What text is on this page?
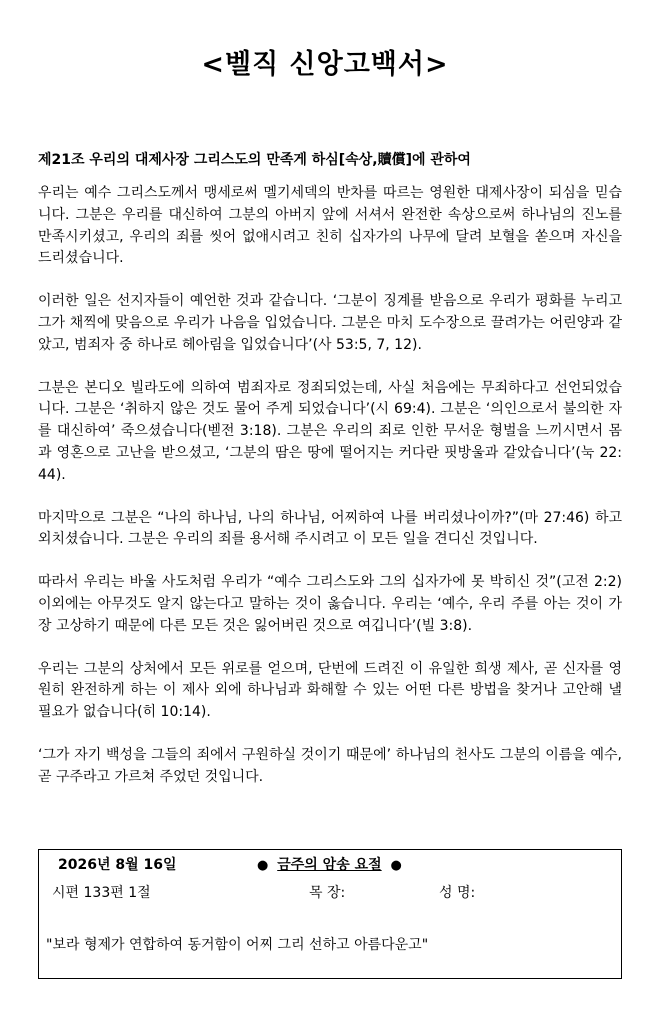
<벨직 신앙고백서>
제21조 우리의 대제사장 그리스도의 만족게 하심[속상,贖償]에 관하여

우리는 예수 그리스도께서 맹세로써 멜기세덱의 반차를 따르는 영원한 대제사장이 되심을 믿습니다. 그분은 우리를 대신하여 그분의 아버지 앞에 서셔서 완전한 속상으로써 하나님의 진노를 만족시키셨고, 우리의 죄를 씻어 없애시려고 친히 십자가의 나무에 달려 보혈을 쏟으며 자신을 드리셨습니다.

이러한 일은 선지자들이 예언한 것과 같습니다. ‘그분이 징계를 받음으로 우리가 평화를 누리고 그가 채찍에 맞음으로 우리가 나음을 입었습니다. 그분은 마치 도수장으로 끌려가는 어린양과 같았고, 범죄자 중 하나로 헤아림을 입었습니다’(사 53:5, 7, 12).

그분은 본디오 빌라도에 의하여 범죄자로 정죄되었는데, 사실 처음에는 무죄하다고 선언되었습니다. 그분은 ‘취하지 않은 것도 물어 주게 되었습니다’(시 69:4). 그분은 ‘의인으로서 불의한 자를 대신하여’ 죽으셨습니다(벧전 3:18). 그분은 우리의 죄로 인한 무서운 형벌을 느끼시면서 몸과 영혼으로 고난을 받으셨고, ‘그분의 땀은 땅에 떨어지는 커다란 핏방울과 같았습니다’(눅 22:44).

마지막으로 그분은 “나의 하나님, 나의 하나님, 어찌하여 나를 버리셨나이까?”(마 27:46) 하고 외치셨습니다. 그분은 우리의 죄를 용서해 주시려고 이 모든 일을 견디신 것입니다.

따라서 우리는 바울 사도처럼 우리가 “예수 그리스도와 그의 십자가에 못 박히신 것”(고전 2:2) 이외에는 아무것도 알지 않는다고 말하는 것이 옳습니다. 우리는 ‘예수, 우리 주를 아는 것이 가장 고상하기 때문에 다른 모든 것은 잃어버린 것으로 여깁니다’(빌 3:8).

우리는 그분의 상처에서 모든 위로를 얻으며, 단번에 드려진 이 유일한 희생 제사, 곧 신자를 영원히 완전하게 하는 이 제사 외에 하나님과 화해할 수 있는 어떤 다른 방법을 찾거나 고안해 낼 필요가 없습니다(히 10:14).

‘그가 자기 백성을 그들의 죄에서 구원하실 것이기 때문에’ 하나님의 천사도 그분의 이름을 예수, 곧 구주라고 가르쳐 주었던 것입니다.

2026년 8월 16일	● 금주의 암송 요절 ●
시편 133편 1절	목 장:	성 명:
"보라 형제가 연합하여 동거함이 어찌 그리 선하고 아름다운고"
